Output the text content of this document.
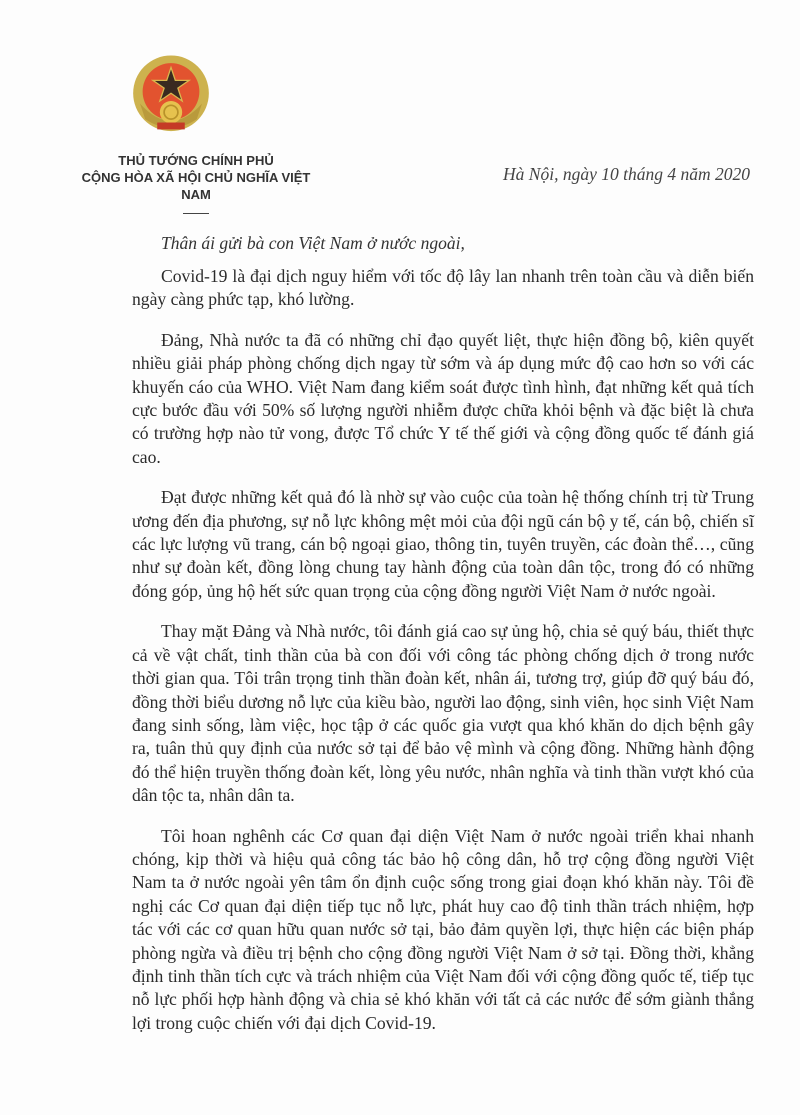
THỦ TƯỚNG CHÍNH PHỦ
CỘNG HÒA XÃ HỘI CHỦ NGHĨA VIỆT NAM
Hà Nội, ngày 10 tháng 4 năm 2020
Thân ái gửi bà con Việt Nam ở nước ngoài,

Covid-19 là đại dịch nguy hiểm với tốc độ lây lan nhanh trên toàn cầu và diễn biến ngày càng phức tạp, khó lường.

Đảng, Nhà nước ta đã có những chỉ đạo quyết liệt, thực hiện đồng bộ, kiên quyết nhiều giải pháp phòng chống dịch ngay từ sớm và áp dụng mức độ cao hơn so với các khuyến cáo của WHO. Việt Nam đang kiểm soát được tình hình, đạt những kết quả tích cực bước đầu với 50% số lượng người nhiễm được chữa khỏi bệnh và đặc biệt là chưa có trường hợp nào tử vong, được Tổ chức Y tế thế giới và cộng đồng quốc tế đánh giá cao.

Đạt được những kết quả đó là nhờ sự vào cuộc của toàn hệ thống chính trị từ Trung ương đến địa phương, sự nỗ lực không mệt mỏi của đội ngũ cán bộ y tế, cán bộ, chiến sĩ các lực lượng vũ trang, cán bộ ngoại giao, thông tin, tuyên truyền, các đoàn thể…, cũng như sự đoàn kết, đồng lòng chung tay hành động của toàn dân tộc, trong đó có những đóng góp, ủng hộ hết sức quan trọng của cộng đồng người Việt Nam ở nước ngoài.

Thay mặt Đảng và Nhà nước, tôi đánh giá cao sự ủng hộ, chia sẻ quý báu, thiết thực cả về vật chất, tinh thần của bà con đối với công tác phòng chống dịch ở trong nước thời gian qua. Tôi trân trọng tinh thần đoàn kết, nhân ái, tương trợ, giúp đỡ quý báu đó, đồng thời biểu dương nỗ lực của kiều bào, người lao động, sinh viên, học sinh Việt Nam đang sinh sống, làm việc, học tập ở các quốc gia vượt qua khó khăn do dịch bệnh gây ra, tuân thủ quy định của nước sở tại để bảo vệ mình và cộng đồng. Những hành động đó thể hiện truyền thống đoàn kết, lòng yêu nước, nhân nghĩa và tinh thần vượt khó của dân tộc ta, nhân dân ta.

Tôi hoan nghênh các Cơ quan đại diện Việt Nam ở nước ngoài triển khai nhanh chóng, kịp thời và hiệu quả công tác bảo hộ công dân, hỗ trợ cộng đồng người Việt Nam ta ở nước ngoài yên tâm ổn định cuộc sống trong giai đoạn khó khăn này. Tôi đề nghị các Cơ quan đại diện tiếp tục nỗ lực, phát huy cao độ tinh thần trách nhiệm, hợp tác với các cơ quan hữu quan nước sở tại, bảo đảm quyền lợi, thực hiện các biện pháp phòng ngừa và điều trị bệnh cho cộng đồng người Việt Nam ở sở tại. Đồng thời, khẳng định tinh thần tích cực và trách nhiệm của Việt Nam đối với cộng đồng quốc tế, tiếp tục nỗ lực phối hợp hành động và chia sẻ khó khăn với tất cả các nước để sớm giành thắng lợi trong cuộc chiến với đại dịch Covid-19.
